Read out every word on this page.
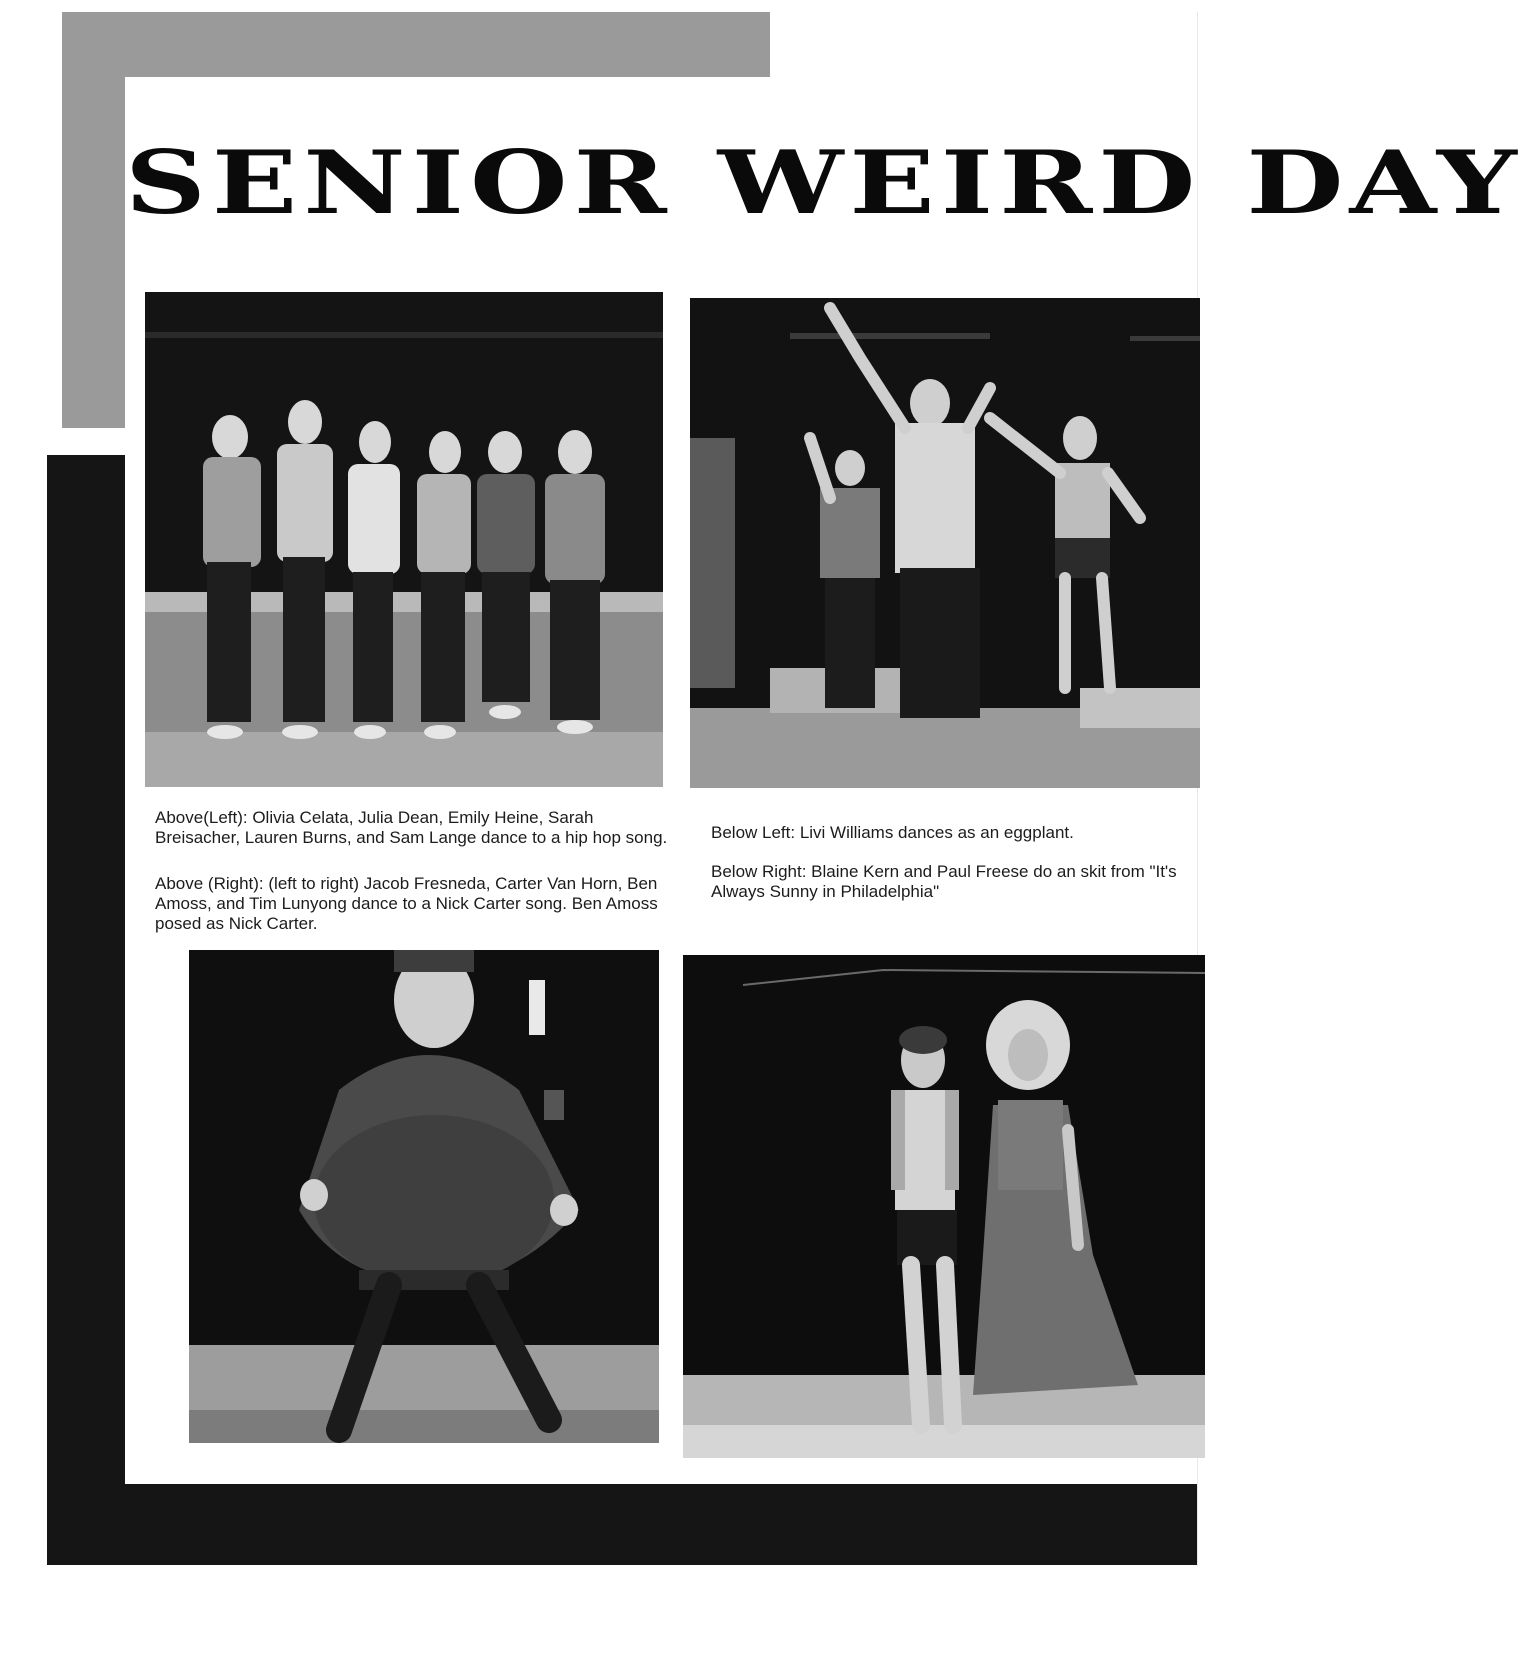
SENIOR WEIRD DAY
Above(Left): Olivia Celata, Julia Dean, Emily Heine, Sarah Breisacher, Lauren Burns, and Sam Lange dance to a hip hop song.
Above (Right): (left to right) Jacob Fresneda, Carter Van Horn, Ben Amoss, and Tim Lunyong dance to a Nick Carter song. Ben Amoss posed as Nick Carter.
Below Left: Livi Williams dances as an eggplant.
Below Right: Blaine Kern and Paul Freese do an skit from "It's Always Sunny in Philadelphia"
